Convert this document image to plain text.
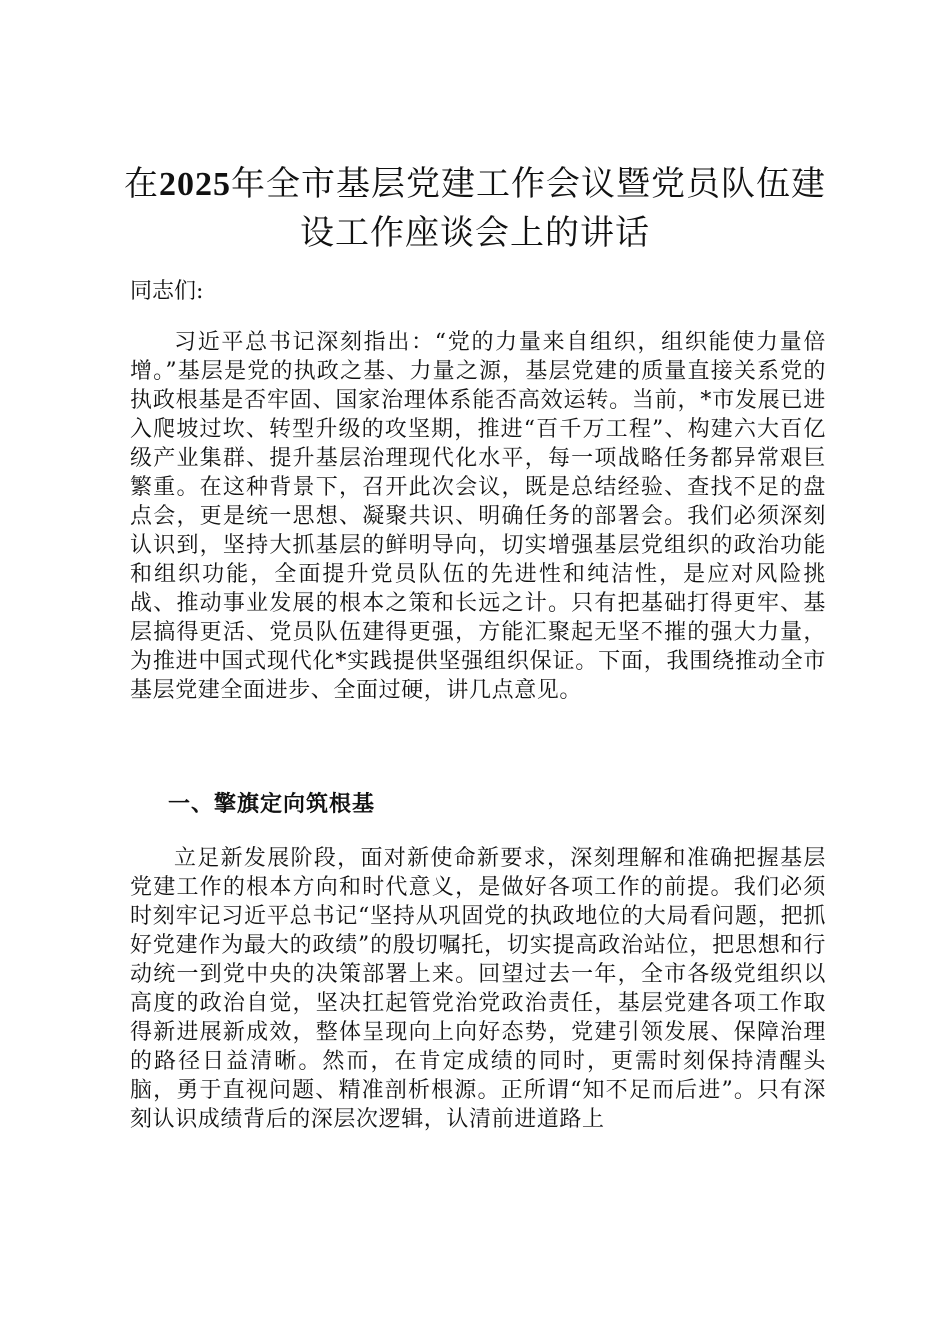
在2025年全市基层党建工作会议暨党员队伍建设工作座谈会上的讲话
同志们:

习近平总书记深刻指出：“党的力量来自组织，组织能使力量倍增。”基层是党的执政之基、力量之源，基层党建的质量直接关系党的执政根基是否牢固、国家治理体系能否高效运转。当前，*市发展已进入爬坡过坎、转型升级的攻坚期，推进“百千万工程”、构建六大百亿级产业集群、提升基层治理现代化水平，每一项战略任务都异常艰巨繁重。在这种背景下，召开此次会议，既是总结经验、查找不足的盘点会，更是统一思想、凝聚共识、明确任务的部署会。我们必须深刻认识到，坚持大抓基层的鲜明导向，切实增强基层党组织的政治功能和组织功能，全面提升党员队伍的先进性和纯洁性，是应对风险挑战、推动事业发展的根本之策和长远之计。只有把基础打得更牢、基层搞得更活、党员队伍建得更强，方能汇聚起无坚不摧的强大力量，为推进中国式现代化*实践提供坚强组织保证。下面，我围绕推动全市基层党建全面进步、全面过硬，讲几点意见。

一、擎旗定向筑根基

立足新发展阶段，面对新使命新要求，深刻理解和准确把握基层党建工作的根本方向和时代意义，是做好各项工作的前提。我们必须时刻牢记习近平总书记“坚持从巩固党的执政地位的大局看问题，把抓好党建作为最大的政绩”的殷切嘱托，切实提高政治站位，把思想和行动统一到党中央的决策部署上来。回望过去一年，全市各级党组织以高度的政治自觉，坚决扛起管党治党政治责任，基层党建各项工作取得新进展新成效，整体呈现向上向好态势，党建引领发展、保障治理的路径日益清晰。然而，在肯定成绩的同时，更需时刻保持清醒头脑，勇于直视问题、精准剖析根源。正所谓“知不足而后进”。只有深刻认识成绩背后的深层次逻辑，认清前进道路上
